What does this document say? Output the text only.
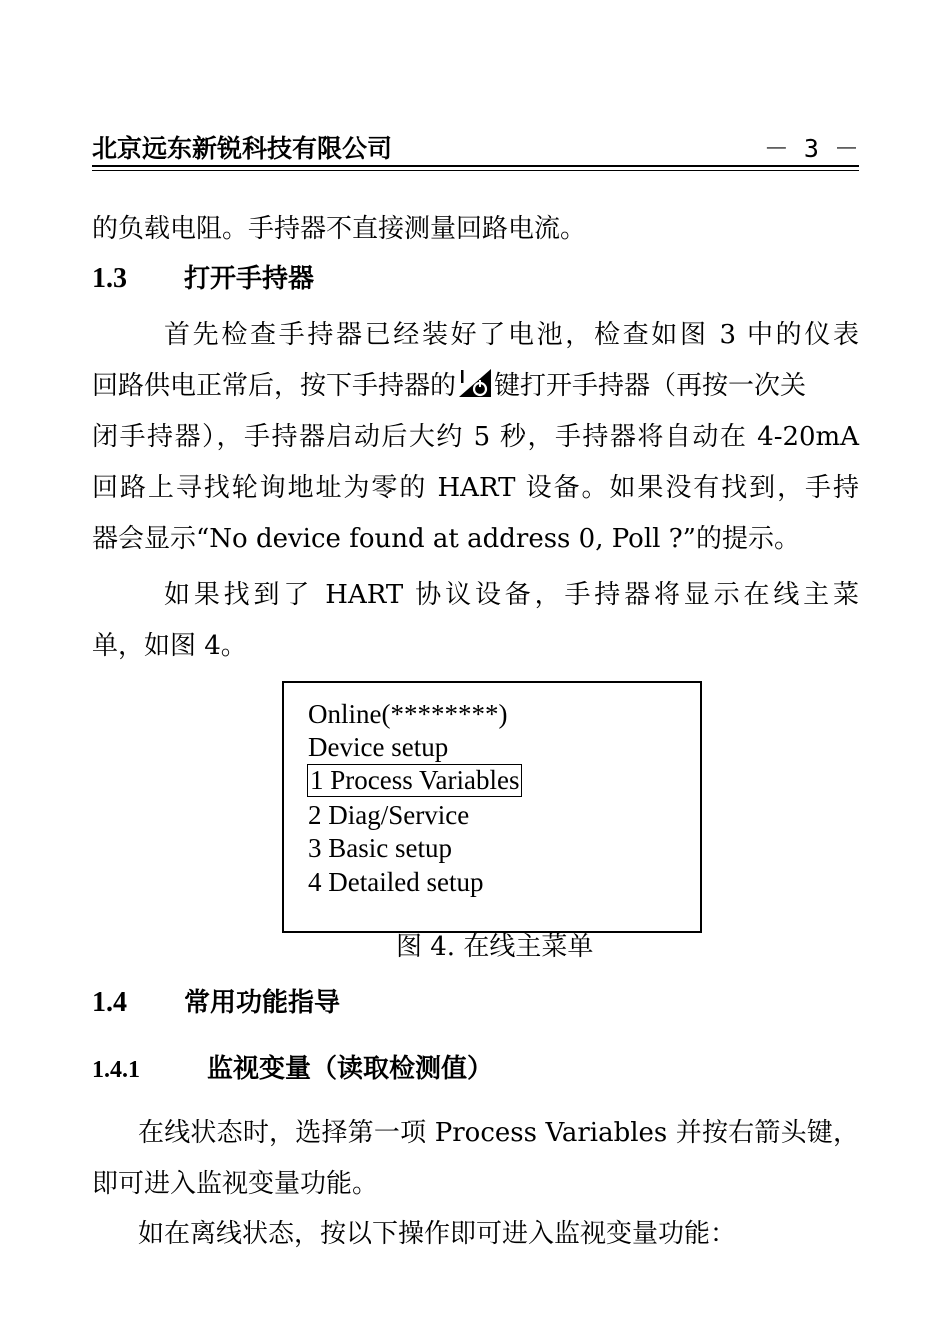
北京远东新锐科技有限公司	－ 3 －
的负载电阻。手持器不直接测量回路电流。
1.3 打开手持器
首先检查手持器已经装好了电池，检查如图 3 中的仪表
回路供电正常后，按下手持器的 键打开手持器（再按一次关
闭手持器），手持器启动后大约 5 秒，手持器将自动在 4-20mA
回路上寻找轮询地址为零的 HART 设备。如果没有找到，手持
器会显示“No device found at address 0, Poll ?”的提示。
如果找到了 HART 协议设备，手持器将显示在线主菜
单，如图 4。
Online(********)
Device setup
1 Process Variables
2 Diag/Service
3 Basic setup
4 Detailed setup
图 4. 在线主菜单
1.4 常用功能指导
1.4.1	监视变量（读取检测值）
在线状态时，选择第一项 Process Variables 并按右箭头键，
即可进入监视变量功能。
如在离线状态，按以下操作即可进入监视变量功能：
